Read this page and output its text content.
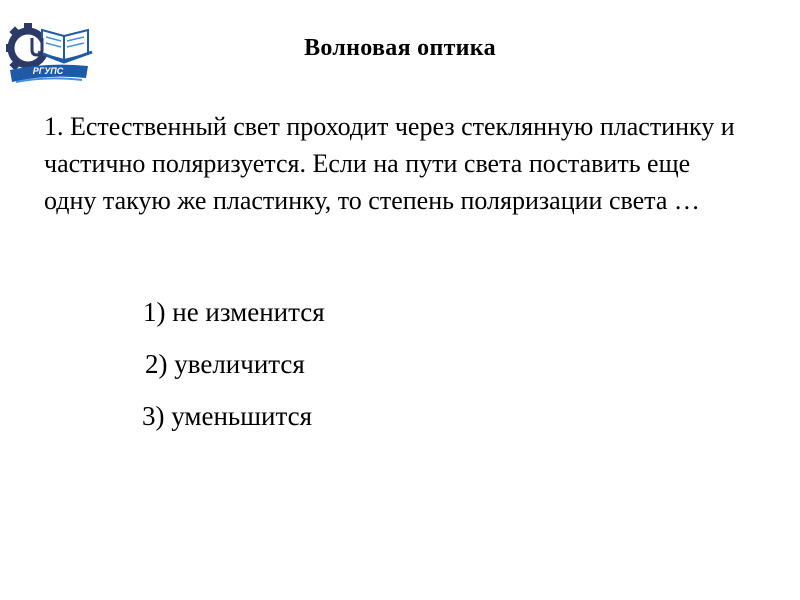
РГУПС
Волновая оптика

1. Естественный свет проходит через стеклянную пластинку и частично поляризуется. Если на пути света поставить еще одну такую же пластинку, то степень поляризации света …

1) не изменится
2) увеличится
3) уменьшится
